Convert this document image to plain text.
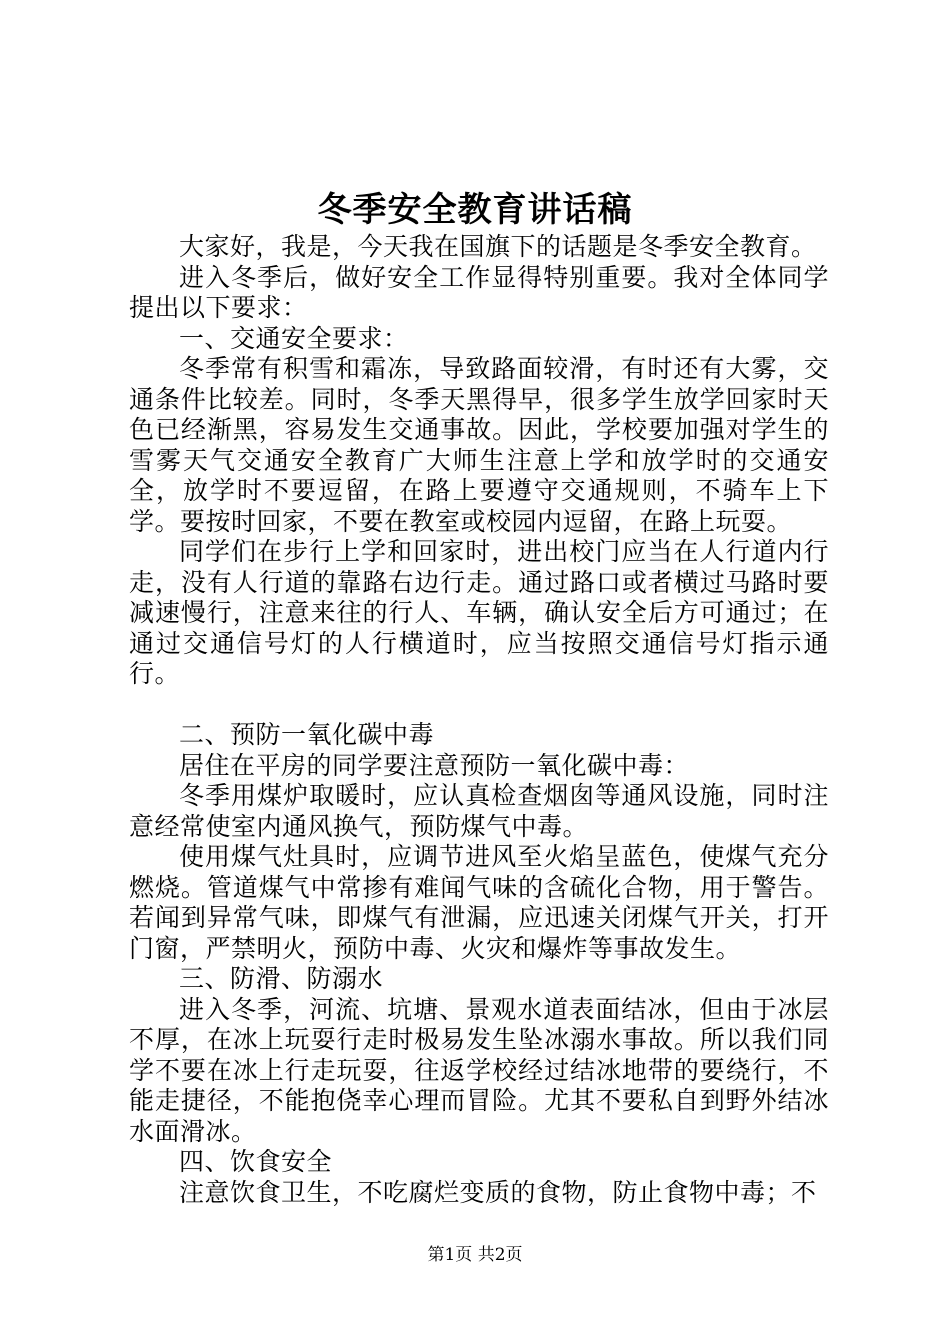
冬季安全教育讲话稿

大家好，我是，今天我在国旗下的话题是冬季安全教育。

进入冬季后，做好安全工作显得特别重要。我对全体同学提出以下要求：

一、交通安全要求：

冬季常有积雪和霜冻，导致路面较滑，有时还有大雾，交通条件比较差。同时，冬季天黑得早，很多学生放学回家时天色已经渐黑，容易发生交通事故。因此，学校要加强对学生的雪雾天气交通安全教育广大师生注意上学和放学时的交通安全，放学时不要逗留，在路上要遵守交通规则，不骑车上下学。要按时回家，不要在教室或校园内逗留，在路上玩耍。

同学们在步行上学和回家时，进出校门应当在人行道内行走，没有人行道的靠路右边行走。通过路口或者横过马路时要减速慢行，注意来往的行人、车辆，确认安全后方可通过；在通过交通信号灯的人行横道时，应当按照交通信号灯指示通行。

二、预防一氧化碳中毒

居住在平房的同学要注意预防一氧化碳中毒：

冬季用煤炉取暖时，应认真检查烟囱等通风设施，同时注意经常使室内通风换气，预防煤气中毒。

使用煤气灶具时，应调节进风至火焰呈蓝色，使煤气充分燃烧。管道煤气中常掺有难闻气味的含硫化合物，用于警告。若闻到异常气味，即煤气有泄漏，应迅速关闭煤气开关，打开门窗，严禁明火，预防中毒、火灾和爆炸等事故发生。

三、防滑、防溺水

进入冬季，河流、坑塘、景观水道表面结冰，但由于冰层不厚，在冰上玩耍行走时极易发生坠冰溺水事故。所以我们同学不要在冰上行走玩耍，往返学校经过结冰地带的要绕行，不能走捷径，不能抱侥幸心理而冒险。尤其不要私自到野外结冰水面滑冰。

四、饮食安全

注意饮食卫生，不吃腐烂变质的食物，防止食物中毒；不

第1页 共2页
